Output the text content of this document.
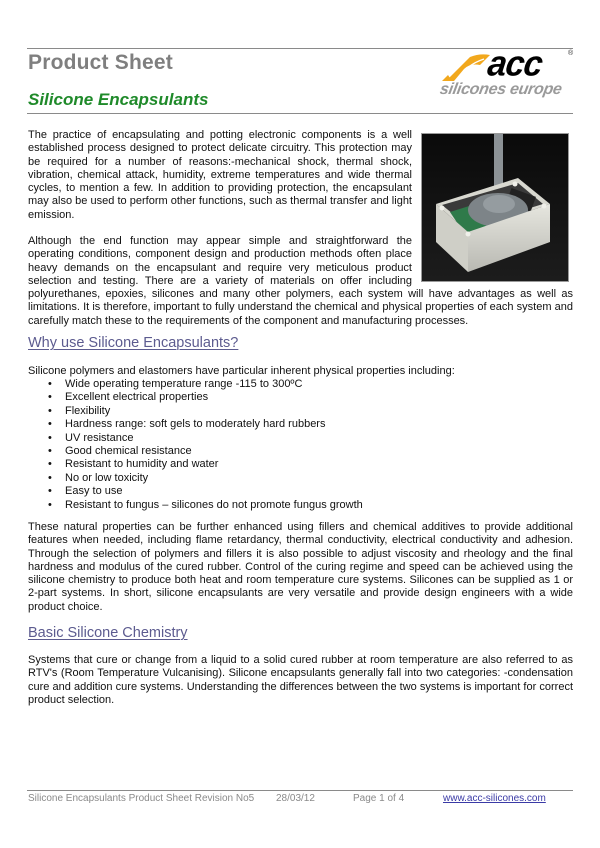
Product Sheet
Silicone Encapsulants
acc	®
silicones europe
The practice of encapsulating and potting electronic components is a well established process designed to protect delicate circuitry. This protection may be required for a number of reasons:-mechanical shock, thermal shock, vibration, chemical attack, humidity, extreme temperatures and wide thermal cycles, to mention a few. In addition to providing protection, the encapsulant may also be used to perform other functions, such as thermal transfer and light emission.
Although the end function may appear simple and straightforward the operating conditions, component design and production methods often place heavy demands on the encapsulant and require very meticulous product selection and testing. There are a variety of materials on offer including
polyurethanes, epoxies, silicones and many other polymers, each system will have advantages as well as limitations. It is therefore, important to fully understand the chemical and physical properties of each system and carefully match these to the requirements of the component and manufacturing processes.
Why use Silicone Encapsulants?
Silicone polymers and elastomers have particular inherent physical properties including:
• Wide operating temperature range -115 to 300ºC
• Excellent electrical properties
• Flexibility
• Hardness range: soft gels to moderately hard rubbers
• UV resistance
• Good chemical resistance
• Resistant to humidity and water
• No or low toxicity
• Easy to use
• Resistant to fungus – silicones do not promote fungus growth
These natural properties can be further enhanced using fillers and chemical additives to provide additional features when needed, including flame retardancy, thermal conductivity, electrical conductivity and adhesion. Through the selection of polymers and fillers it is also possible to adjust viscosity and rheology and the final hardness and modulus of the cured rubber. Control of the curing regime and speed can be achieved using the silicone chemistry to produce both heat and room temperature cure systems. Silicones can be supplied as 1 or 2-part systems. In short, silicone encapsulants are very versatile and provide design engineers with a wide product choice.
Basic Silicone Chemistry
Systems that cure or change from a liquid to a solid cured rubber at room temperature are also referred to as RTV's (Room Temperature Vulcanising). Silicone encapsulants generally fall into two categories: -condensation cure and addition cure systems. Understanding the differences between the two systems is important for correct product selection.
Silicone Encapsulants Product Sheet Revision No5 28/03/12	Page 1 of 4	www.acc-silicones.com
